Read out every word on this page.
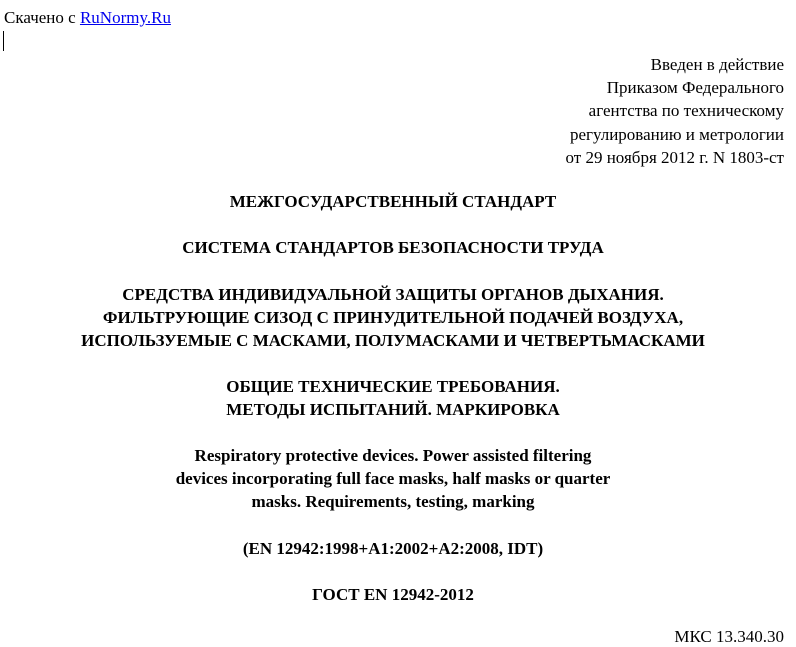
Скачено с RuNormy.Ru
Введен в действие
Приказом Федерального
агентства по техническому
регулированию и метрологии
от 29 ноября 2012 г. N 1803-ст
МЕЖГОСУДАРСТВЕННЫЙ СТАНДАРТ
СИСТЕМА СТАНДАРТОВ БЕЗОПАСНОСТИ ТРУДА
СРЕДСТВА ИНДИВИДУАЛЬНОЙ ЗАЩИТЫ ОРГАНОВ ДЫХАНИЯ.
ФИЛЬТРУЮЩИЕ СИЗОД С ПРИНУДИТЕЛЬНОЙ ПОДАЧЕЙ ВОЗДУХА,
ИСПОЛЬЗУЕМЫЕ С МАСКАМИ, ПОЛУМАСКАМИ И ЧЕТВЕРТЬМАСКАМИ
ОБЩИЕ ТЕХНИЧЕСКИЕ ТРЕБОВАНИЯ.
МЕТОДЫ ИСПЫТАНИЙ. МАРКИРОВКА
Respiratory protective devices. Power assisted filtering
devices incorporating full face masks, half masks or quarter
masks. Requirements, testing, marking
(EN 12942:1998+A1:2002+A2:2008, IDT)
ГОСТ EN 12942-2012
МКС 13.340.30
